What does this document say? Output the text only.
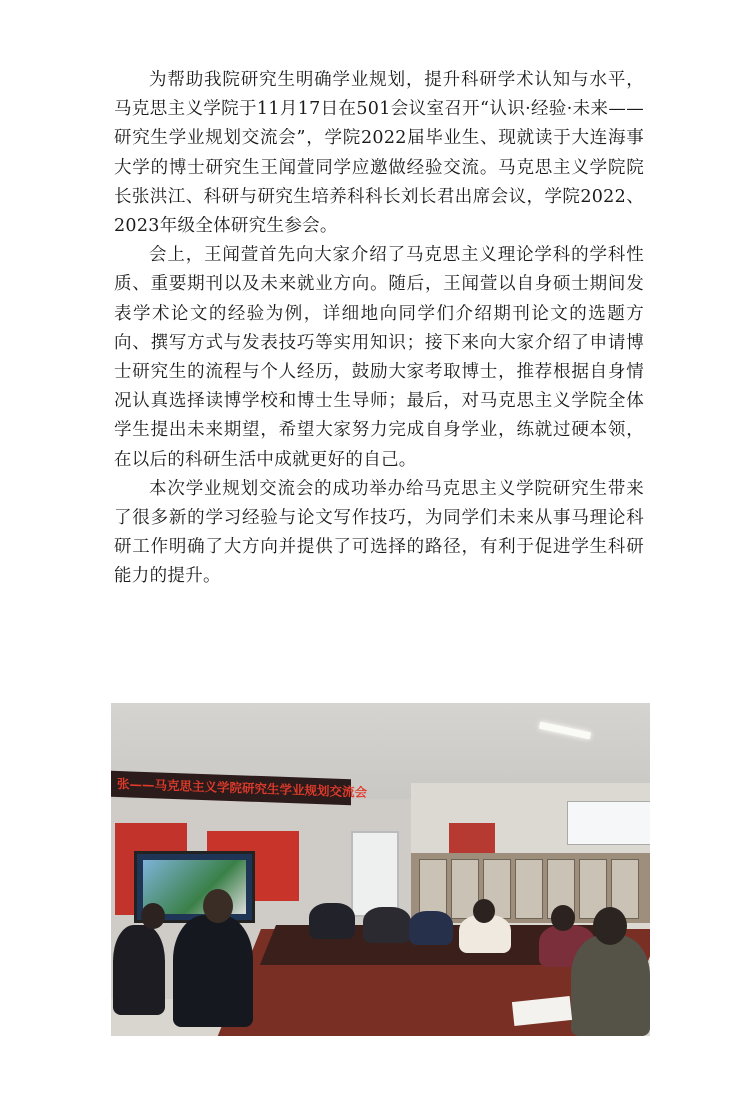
为帮助我院研究生明确学业规划，提升科研学术认知与水平，马克思主义学院于11月17日在501会议室召开“认识·经验·未来——研究生学业规划交流会”，学院2022届毕业生、现就读于大连海事大学的博士研究生王闻萱同学应邀做经验交流。马克思主义学院院长张洪江、科研与研究生培养科科长刘长君出席会议，学院2022、2023年级全体研究生参会。

会上，王闻萱首先向大家介绍了马克思主义理论学科的学科性质、重要期刊以及未来就业方向。随后，王闻萱以自身硕士期间发表学术论文的经验为例，详细地向同学们介绍期刊论文的选题方向、撰写方式与发表技巧等实用知识；接下来向大家介绍了申请博士研究生的流程与个人经历，鼓励大家考取博士，推荐根据自身情况认真选择读博学校和博士生导师；最后，对马克思主义学院全体学生提出未来期望，希望大家努力完成自身学业，练就过硬本领，在以后的科研生活中成就更好的自己。

本次学业规划交流会的成功举办给马克思主义学院研究生带来了很多新的学习经验与论文写作技巧，为同学们未来从事马理论科研工作明确了大方向并提供了可选择的路径，有利于促进学生科研能力的提升。

张——马克思主义学院研究生学业规划交流会
